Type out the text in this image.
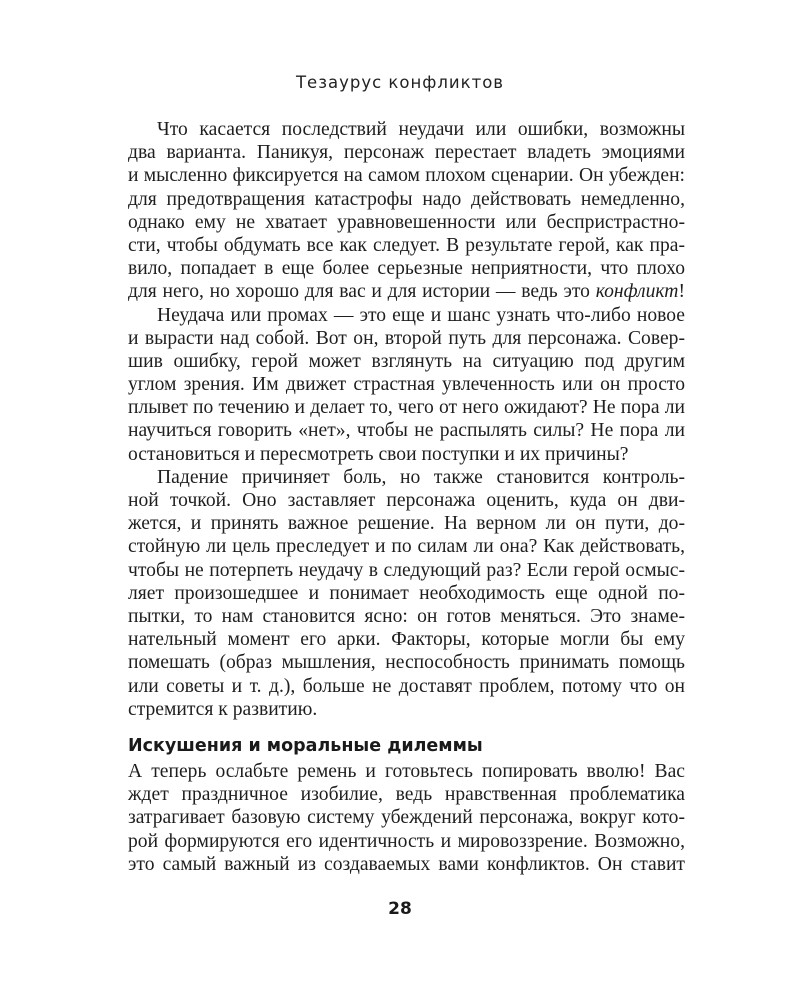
Тезаурус конфликтов
Что касается последствий неудачи или ошибки, возможны
два варианта. Паникуя, персонаж перестает владеть эмоциями
и мысленно фиксируется на самом плохом сценарии. Он убежден:
для предотвращения катастрофы надо действовать немедленно,
однако ему не хватает уравновешенности или беспристрастно-
сти, чтобы обдумать все как следует. В результате герой, как пра-
вило, попадает в еще более серьезные неприятности, что плохо
для него, но хорошо для вас и для истории — ведь это конфликт!
Неудача или промах — это еще и шанс узнать что-либо новое
и вырасти над собой. Вот он, второй путь для персонажа. Совер-
шив ошибку, герой может взглянуть на ситуацию под другим
углом зрения. Им движет страстная увлеченность или он просто
плывет по течению и делает то, чего от него ожидают? Не пора ли
научиться говорить «нет», чтобы не распылять силы? Не пора ли
остановиться и пересмотреть свои поступки и их причины?
Падение причиняет боль, но также становится контроль-
ной точкой. Оно заставляет персонажа оценить, куда он дви-
жется, и принять важное решение. На верном ли он пути, до-
стойную ли цель преследует и по силам ли она? Как действовать,
чтобы не потерпеть неудачу в следующий раз? Если герой осмыс-
ляет произошедшее и понимает необходимость еще одной по-
пытки, то нам становится ясно: он готов меняться. Это знаме-
нательный момент его арки. Факторы, которые могли бы ему
помешать (образ мышления, неспособность принимать помощь
или советы и т. д.), больше не доставят проблем, потому что он
стремится к развитию.
Искушения и моральные дилеммы
А теперь ослабьте ремень и готовьтесь попировать вволю! Вас
ждет праздничное изобилие, ведь нравственная проблематика
затрагивает базовую систему убеждений персонажа, вокруг кото-
рой формируются его идентичность и мировоззрение. Возможно,
это самый важный из создаваемых вами конфликтов. Он ставит
28
